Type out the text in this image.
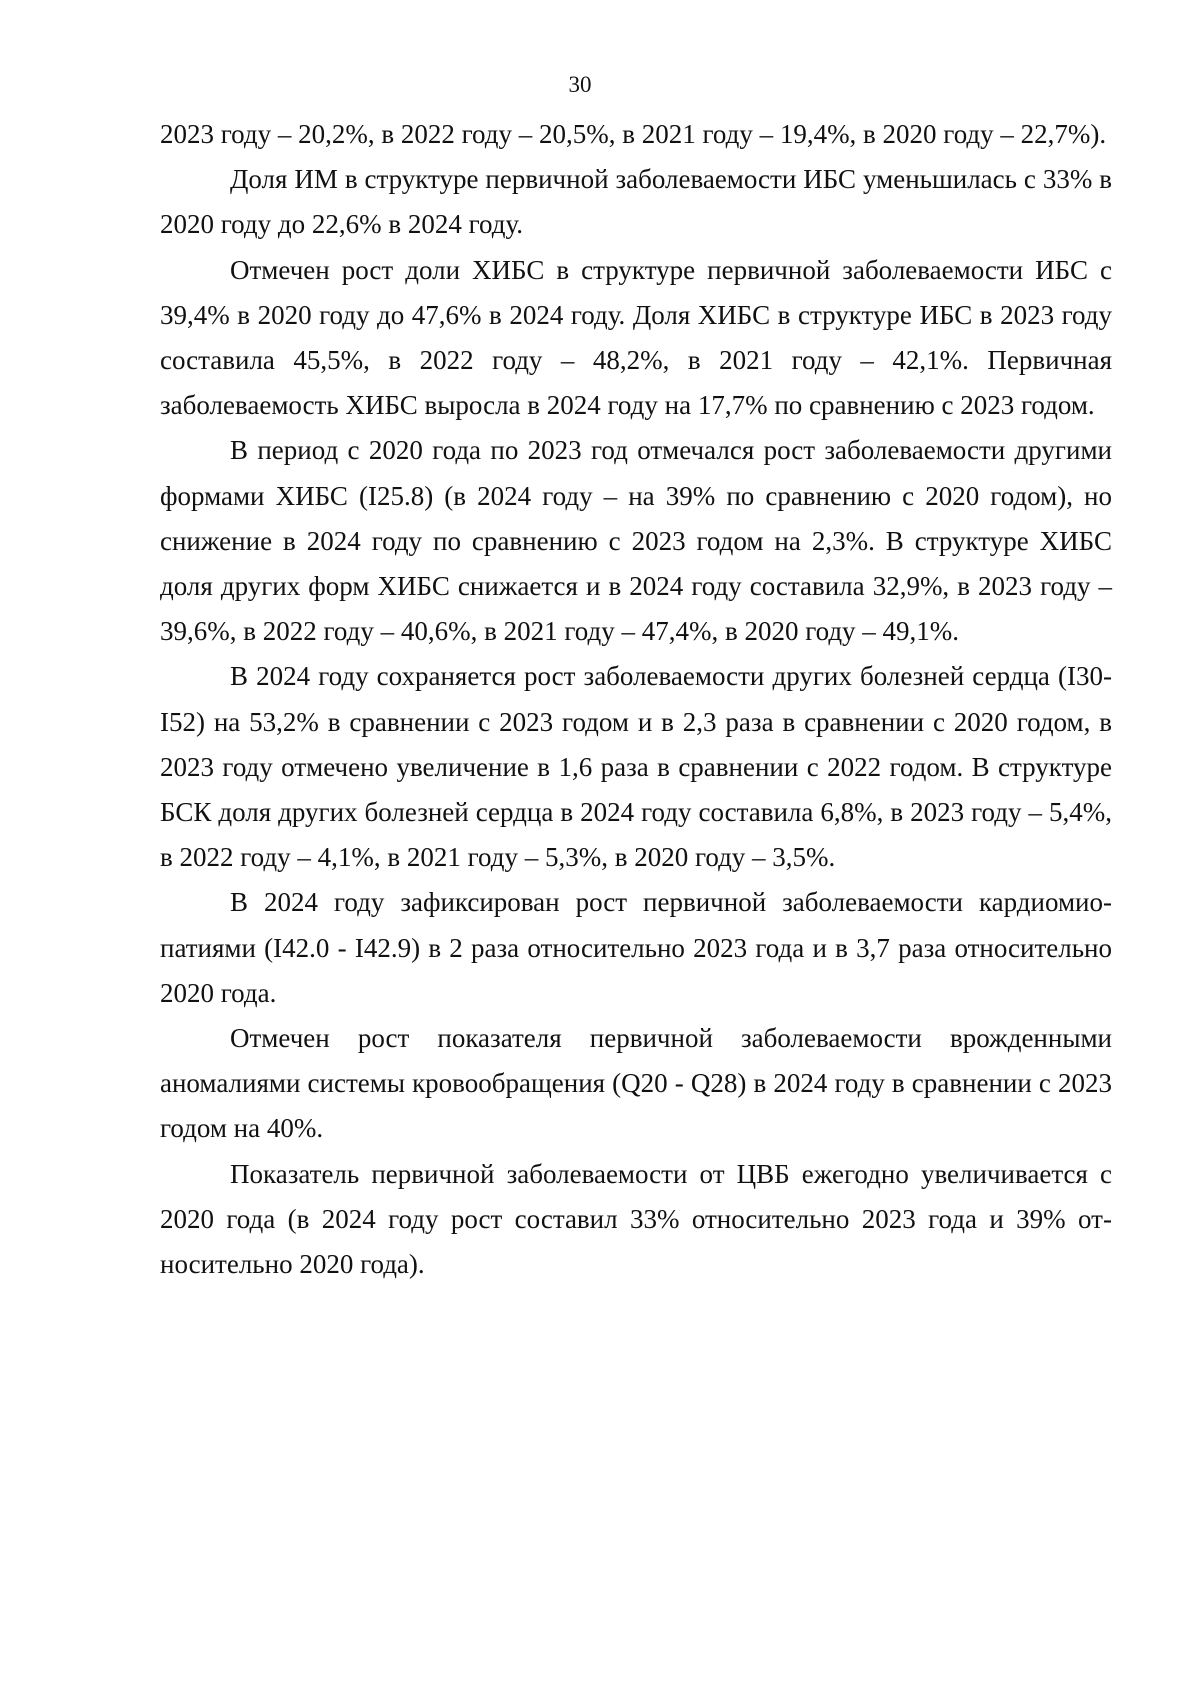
30

2023 году – 20,2%, в 2022 году – 20,5%, в 2021 году – 19,4%, в 2020 году – 22,7%).

Доля ИМ в структуре первичной заболеваемости ИБС уменьшилась с 33% в 2020 году до 22,6% в 2024 году.

Отмечен рост доли ХИБС в структуре первичной заболеваемости ИБС с 39,4% в 2020 году до 47,6% в 2024 году. Доля ХИБС в структуре ИБС в 2023 году составила 45,5%, в 2022 году – 48,2%, в 2021 году – 42,1%. Первичная заболеваемость ХИБС выросла в 2024 году на 17,7% по сравнению с 2023 годом.

В период с 2020 года по 2023 год отмечался рост заболеваемости другими формами ХИБС (I25.8) (в 2024 году – на 39% по сравнению с 2020 годом), но снижение в 2024 году по сравнению с 2023 годом на 2,3%. В структуре ХИБС доля других форм ХИБС снижается и в 2024 году составила 32,9%, в 2023 году – 39,6%, в 2022 году – 40,6%, в 2021 году – 47,4%, в 2020 году – 49,1%.

В 2024 году сохраняется рост заболеваемости других болезней сердца (I30-I52) на 53,2% в сравнении с 2023 годом и в 2,3 раза в сравнении с 2020 годом, в 2023 году отмечено увеличение в 1,6 раза в сравнении с 2022 годом. В структуре БСК доля других болезней сердца в 2024 году составила 6,8%, в 2023 году – 5,4%, в 2022 году – 4,1%, в 2021 году – 5,3%, в 2020 году – 3,5%.

В 2024 году зафиксирован рост первичной заболеваемости кардиомиопатиями (I42.0 - I42.9) в 2 раза относительно 2023 года и в 3,7 раза относительно 2020 года.

Отмечен рост показателя первичной заболеваемости врожденными аномалиями системы кровообращения (Q20 - Q28) в 2024 году в сравнении с 2023 годом на 40%.

Показатель первичной заболеваемости от ЦВБ ежегодно увеличивается с 2020 года (в 2024 году рост составил 33% относительно 2023 года и 39% относительно 2020 года).
